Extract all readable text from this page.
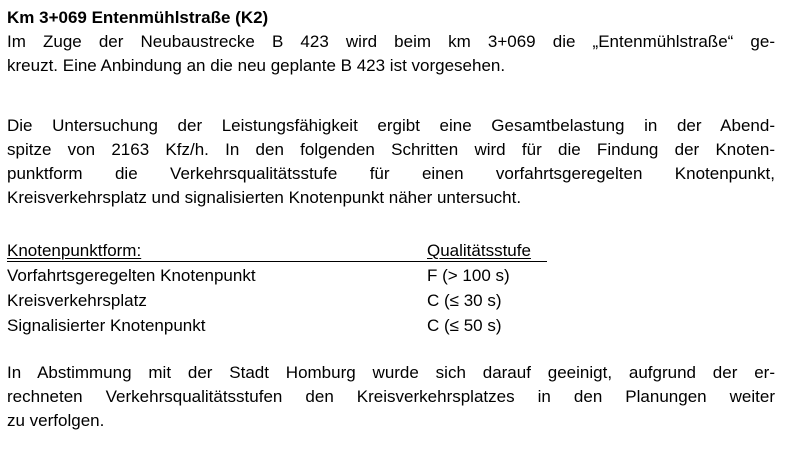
Km 3+069 Entenmühlstraße (K2)

Im Zuge der Neubaustrecke B 423 wird beim km 3+069 die „Entenmühlstraße“ ge-
kreuzt. Eine Anbindung an die neu geplante B 423 ist vorgesehen.

Die Untersuchung der Leistungsfähigkeit ergibt eine Gesamtbelastung in der Abend-
spitze von 2163 Kfz/h. In den folgenden Schritten wird für die Findung der Knoten-
punktform die Verkehrsqualitätsstufe für einen vorfahrtsgeregelten Knotenpunkt,
Kreisverkehrsplatz und signalisierten Knotenpunkt näher untersucht.

Knotenpunktform:	Qualitätsstufe
Vorfahrtsgeregelten Knotenpunkt	F (> 100 s)
Kreisverkehrsplatz	C (≤ 30 s)
Signalisierter Knotenpunkt	C (≤ 50 s)

In Abstimmung mit der Stadt Homburg wurde sich darauf geeinigt, aufgrund der er-
rechneten Verkehrsqualitätsstufen den Kreisverkehrsplatzes in den Planungen weiter
zu verfolgen.
